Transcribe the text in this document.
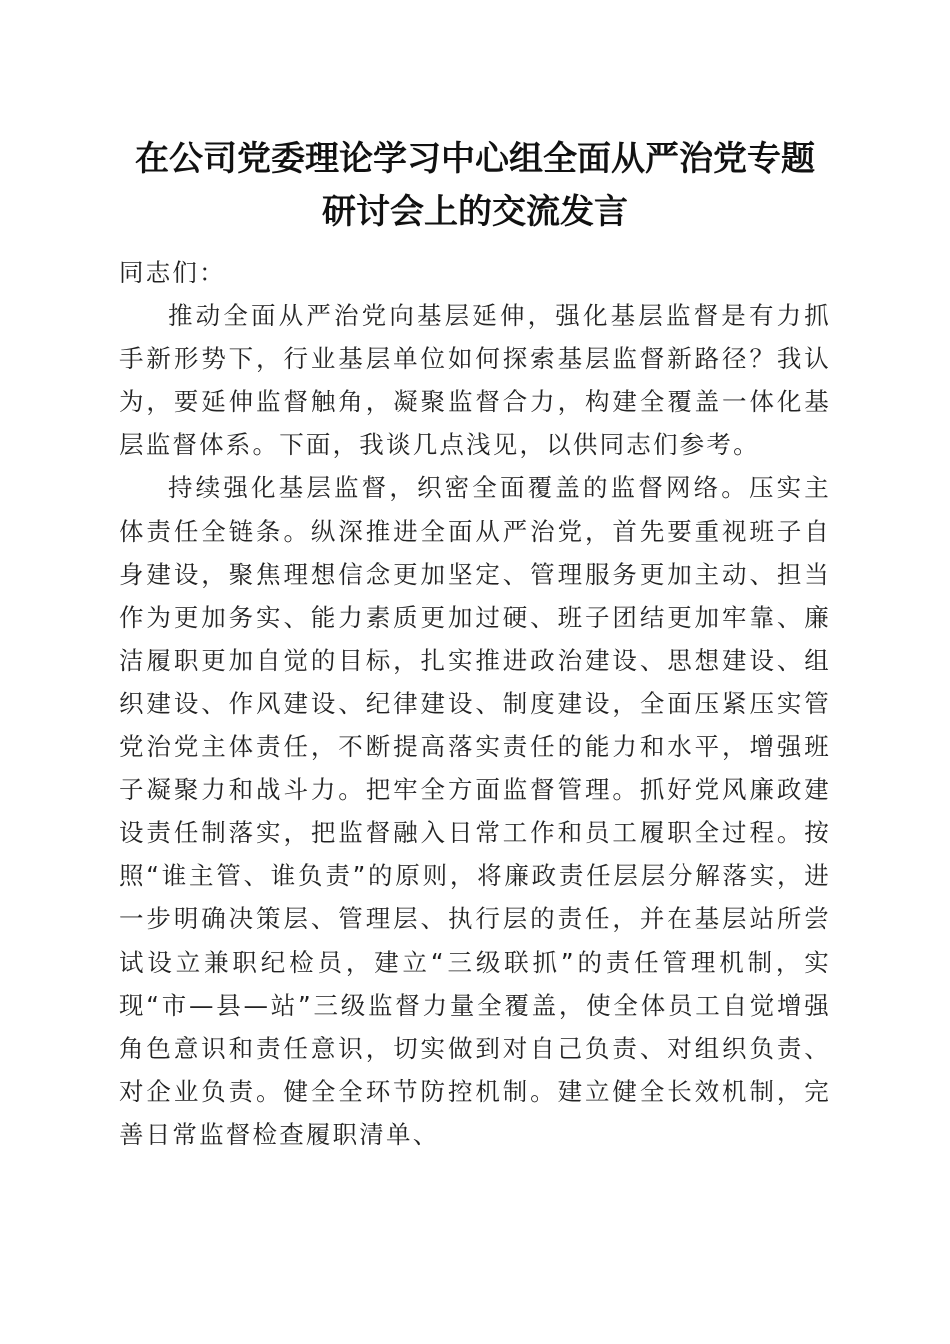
在公司党委理论学习中心组全面从严治党专题
研讨会上的交流发言

同志们：

推动全面从严治党向基层延伸，强化基层监督是有力抓手新形势下，行业基层单位如何探索基层监督新路径？我认为，要延伸监督触角，凝聚监督合力，构建全覆盖一体化基层监督体系。下面，我谈几点浅见，以供同志们参考。

持续强化基层监督，织密全面覆盖的监督网络。压实主体责任全链条。纵深推进全面从严治党，首先要重视班子自身建设，聚焦理想信念更加坚定、管理服务更加主动、担当作为更加务实、能力素质更加过硬、班子团结更加牢靠、廉洁履职更加自觉的目标，扎实推进政治建设、思想建设、组织建设、作风建设、纪律建设、制度建设，全面压紧压实管党治党主体责任，不断提高落实责任的能力和水平，增强班子凝聚力和战斗力。把牢全方面监督管理。抓好党风廉政建设责任制落实，把监督融入日常工作和员工履职全过程。按照“谁主管、谁负责”的原则，将廉政责任层层分解落实，进一步明确决策层、管理层、执行层的责任，并在基层站所尝试设立兼职纪检员，建立“三级联抓”的责任管理机制，实现“市—县—站”三级监督力量全覆盖，使全体员工自觉增强角色意识和责任意识，切实做到对自己负责、对组织负责、对企业负责。健全全环节防控机制。建立健全长效机制，完善日常监督检查履职清单、
